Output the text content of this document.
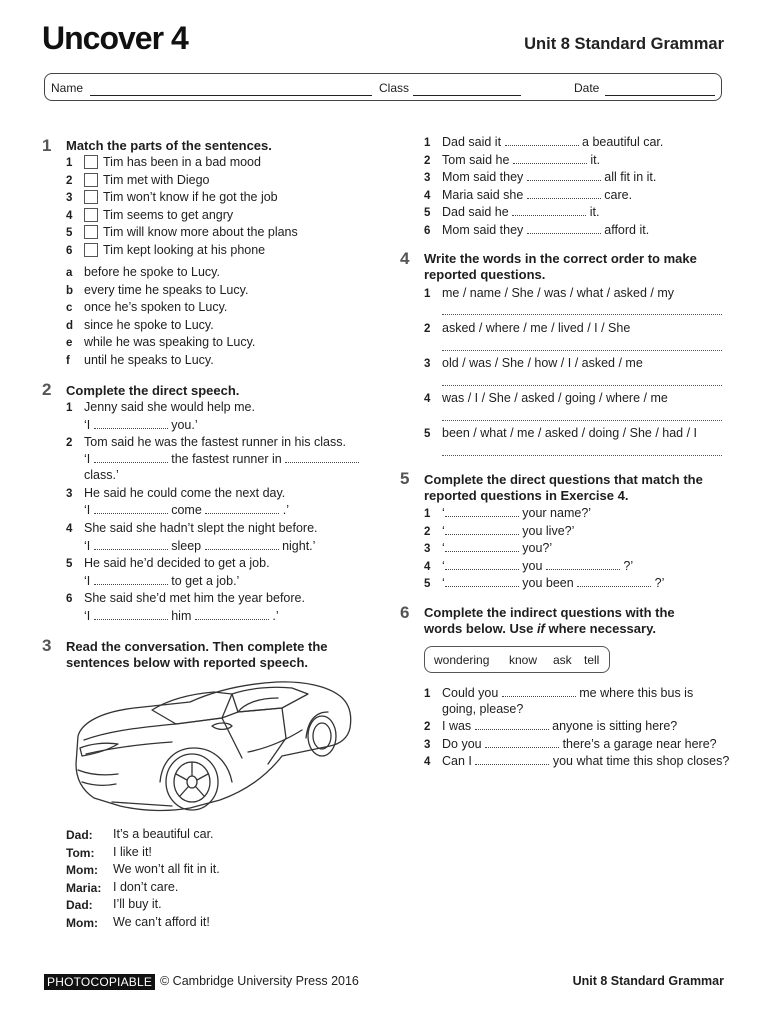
Uncover 4	Unit 8 Standard Grammar
Name	Class	Date
1 Match the parts of the sentences.
1 Tim has been in a bad mood
2 Tim met with Diego
3 Tim won’t know if he got the job
4 Tim seems to get angry
5 Tim will know more about the plans
6 Tim kept looking at his phone
a before he spoke to Lucy.
b every time he speaks to Lucy.
c once he’s spoken to Lucy.
d since he spoke to Lucy.
e while he was speaking to Lucy.
f until he speaks to Lucy.
2 Complete the direct speech.
1 Jenny said she would help me.
‘I	you.’
2 Tom said he was the fastest runner in his class.
‘I	the fastest runner in
class.’
3 He said he could come the next day.
‘I	come	.’
4 She said she hadn’t slept the night before.
‘I	sleep	night.’
5 He said he’d decided to get a job.
‘I	to get a job.’
6 She said she’d met him the year before.
‘I	him	.’
3 Read the conversation. Then complete the
sentences below with reported speech.
Dad: It’s a beautiful car.
Tom: I like it!
Mom: We won’t all fit in it.
Maria: I don’t care.
Dad: I’ll buy it.
Mom: We can’t afford it!
1 Dad said it	a beautiful car.
2 Tom said he	it.
3 Mom said they	all fit in it.
4 Maria said she	care.
5 Dad said he	it.
6 Mom said they	afford it.
4 Write the words in the correct order to make
reported questions.
1 me / name / She / was / what / asked / my
2 asked / where / me / lived / I / She
3 old / was / She / how / I / asked / me
4 was / I / She / asked / going / where / me
5 been / what / me / asked / doing / She / had / I
5 Complete the direct questions that match the
reported questions in Exercise 4.
1 ‘	your name?’
2 ‘	you live?’
3 ‘	you?’
4 ‘	you	?’
5 ‘	you been	?’
6 Complete the indirect questions with the
words below. Use if where necessary.
wondering know ask tell
1 Could you	me where this bus is
going, please?
2 I was	anyone is sitting here?
3 Do you	there’s a garage near here?
4 Can I	you what time this shop closes?
PHOTOCOPIABLE © Cambridge University Press 2016	Unit 8 Standard Grammar
